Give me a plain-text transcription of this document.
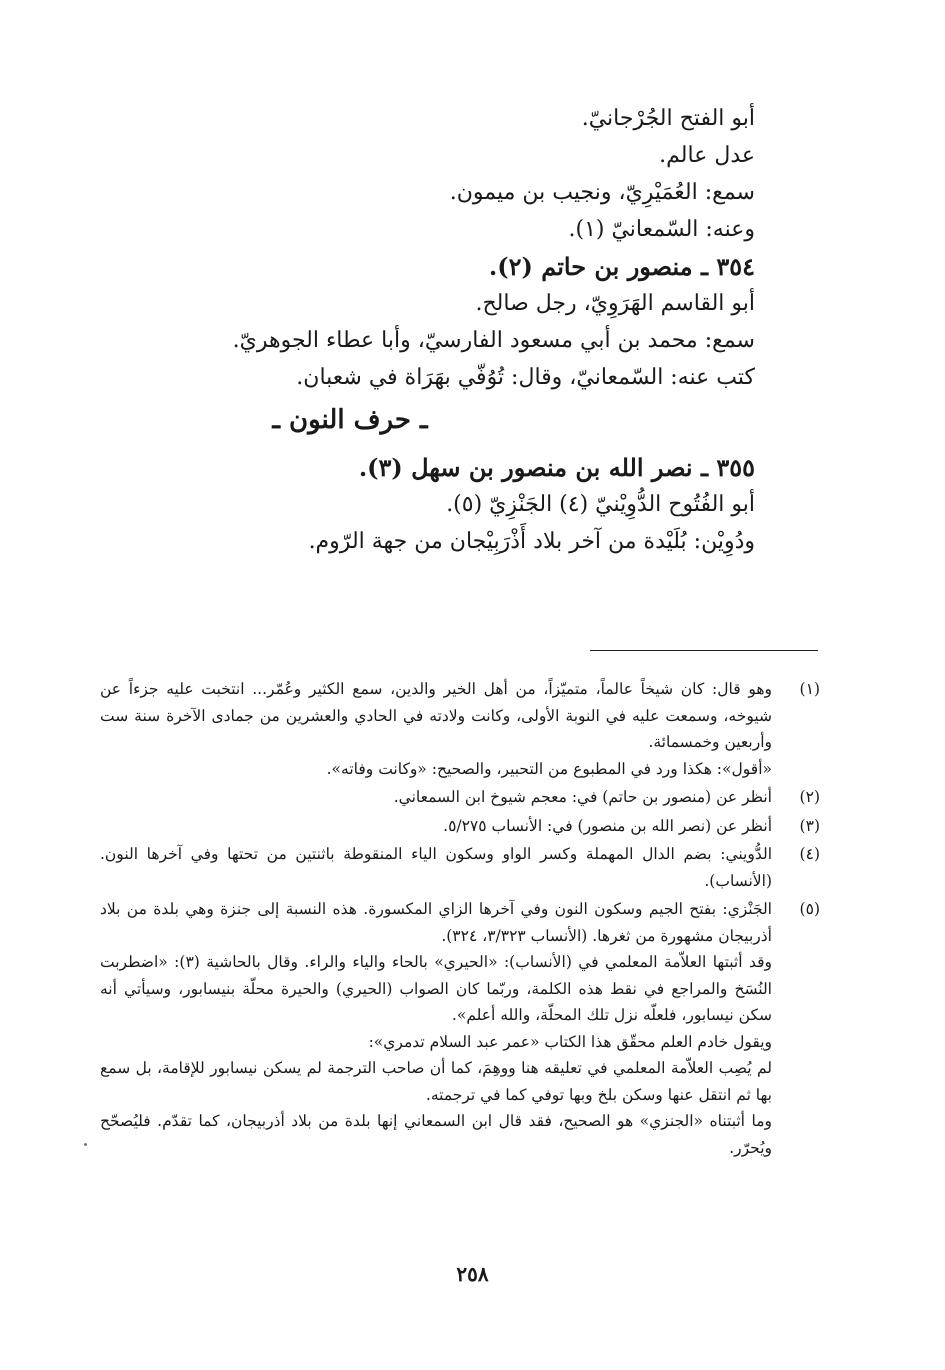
أبو الفتح الجُرْجانيّ.

عدل عالم.

سمع: العُمَيْرِيّ، ونجيب بن ميمون.

وعنه: السّمعانيّ (١).

٣٥٤ ـ منصور بن حاتم (٢).

أبو القاسم الهَرَوِيّ، رجل صالح.

سمع: محمد بن أبي مسعود الفارسيّ، وأبا عطاء الجوهريّ.

كتب عنه: السّمعانيّ، وقال: تُوُفّي بهَرَاة في شعبان.

ـ حرف النون ـ

٣٥٥ ـ نصر الله بن منصور بن سهل (٣).

أبو الفُتُوح الدُّوِيْنيّ (٤) الجَنْزِيّ (٥).

ودُوِيْن: بُلَيْدة من آخر بلاد أَذْرَبِيْجان من جهة الرّوم.

(١)

وهو قال: كان شيخاً عالماً، متميّزاً، من أهل الخير والدين، سمع الكثير وعُمّر... انتخبت عليه جزءاً عن شيوخه، وسمعت عليه في النوبة الأولى، وكانت ولادته في الحادي والعشرين من جمادى الآخرة سنة ست وأربعين وخمسمائة.

«أقول»: هكذا ورد في المطبوع من التحبير، والصحيح: «وكانت وفاته».

(٢)

أنظر عن (منصور بن حاتم) في: معجم شيوخ ابن السمعاني.

(٣)

أنظر عن (نصر الله بن منصور) في: الأنساب ٥/٢٧٥.

(٤)

الدُّويني: بضم الدال المهملة وكسر الواو وسكون الياء المنقوطة باثنتين من تحتها وفي آخرها النون. (الأنساب).

(٥)

الجَنْزي: بفتح الجيم وسكون النون وفي آخرها الزاي المكسورة. هذه النسبة إلى جنزة وهي بلدة من بلاد أذربيجان مشهورة من ثغرها. (الأنساب ٣/٣٢٣، ٣٢٤).

وقد أثبتها العلاّمة المعلمي في (الأنساب): «الحيري» بالحاء والياء والراء. وقال بالحاشية (٣): «اضطربت النُسَخ والمراجع في نقط هذه الكلمة، وربّما كان الصواب (الحيري) والحيرة محلّة بنيسابور، وسيأتي أنه سكن نيسابور، فلعلّه نزل تلك المحلّة، والله أعلم».

ويقول خادم العلم محقّق هذا الكتاب «عمر عبد السلام تدمري»:

لم يُصِب العلاّمة المعلمي في تعليقه هنا ووهِمَ، كما أن صاحب الترجمة لم يسكن نيسابور للإقامة، بل سمع بها ثم انتقل عنها وسكن بلخ وبها توفي كما في ترجمته.

وما أثبتناه «الجنزي» هو الصحيح، فقد قال ابن السمعاني إنها بلدة من بلاد أذربيجان، كما تقدّم. فليُصحّح ويُحرّر.

٢٥٨
